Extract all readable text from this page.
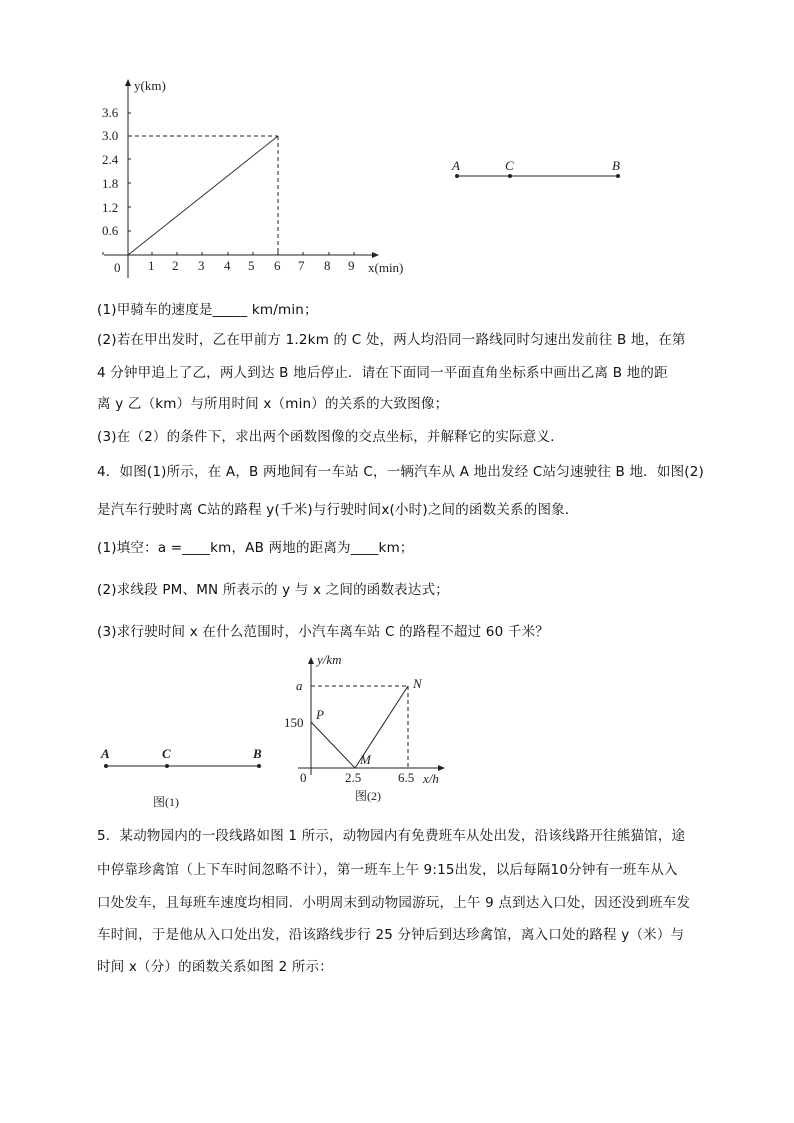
0 1 2 3 4 5 6 7 8 9
0.6
1.2
1.8
2.4
3.0
3.6
x(min)
y(km)
A	C	B
(1)甲骑车的速度是_____ km/min；
(2)若在甲出发时，乙在甲前方 1.2km 的 C 处，两人均沿同一路线同时匀速出发前往 B 地，在第
4 分钟甲追上了乙，两人到达 B 地后停止．请在下面同一平面直角坐标系中画出乙离 B 地的距
离 y 乙（km）与所用时间 x（min）的关系的大致图像；
(3)在（2）的条件下，求出两个函数图像的交点坐标，并解释它的实际意义．
4．如图(1)所示，在 A，B 两地间有一车站 C，一辆汽车从 A 地出发经 C站匀速驶往 B 地．如图(2)
是汽车行驶时离 C站的路程 y(千米)与行驶时间x(小时)之间的函数关系的图象．
(1)填空：a =____km，AB 两地的距离为____km；
(2)求线段 PM、MN 所表示的 y 与 x 之间的函数表达式；
(3)求行驶时间 x 在什么范围时，小汽车离车站 C 的路程不超过 60 千米？
A	C	B
图(1)
0	2.5	6.5
150
a
x/h
y/km
P
M
N
图(2)
5．某动物园内的一段线路如图 1 所示，动物园内有免费班车从处出发，沿该线路开往熊猫馆，途
中停靠珍禽馆（上下车时间忽略不计），第一班车上午 9:15出发，以后每隔10分钟有一班车从入
口处发车，且每班车速度均相同．小明周末到动物园游玩，上午 9 点到达入口处，因还没到班车发
车时间，于是他从入口处出发，沿该路线步行 25 分钟后到达珍禽馆，离入口处的路程 y（米）与
时间 x（分）的函数关系如图 2 所示：
